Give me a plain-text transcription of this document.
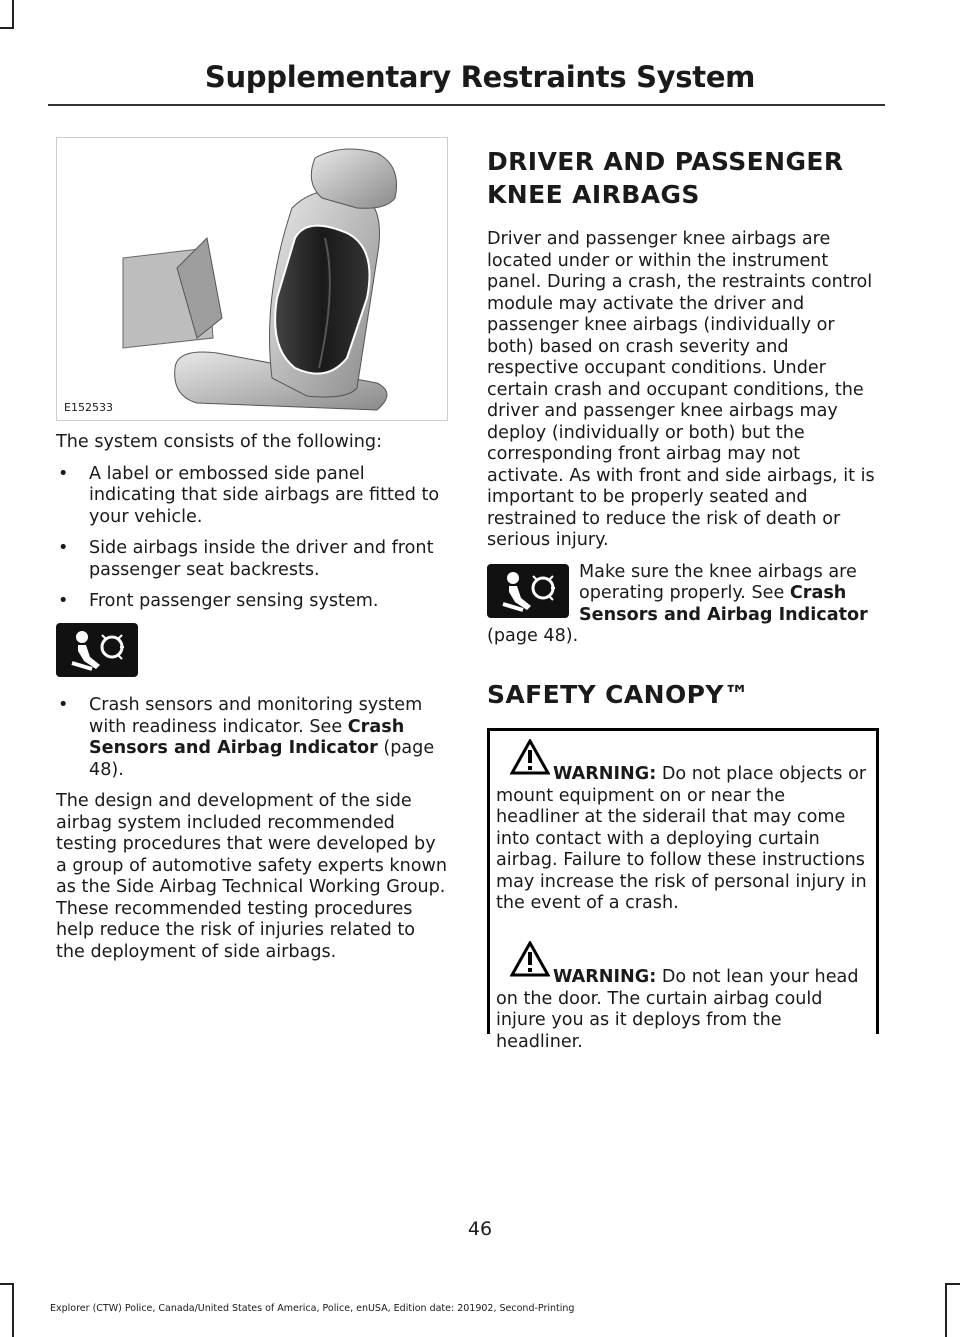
Supplementary Restraints System
E152533

The system consists of the following:

• A label or embossed side panel indicating that side airbags are fitted to your vehicle.
• Side airbags inside the driver and front passenger seat backrests.
• Front passenger sensing system.
• Crash sensors and monitoring system with readiness indicator. See Crash Sensors and Airbag Indicator (page 48).

The design and development of the side airbag system included recommended testing procedures that were developed by a group of automotive safety experts known as the Side Airbag Technical Working Group. These recommended testing procedures help reduce the risk of injuries related to the deployment of side airbags.

DRIVER AND PASSENGER
KNEE AIRBAGS

Driver and passenger knee airbags are located under or within the instrument panel. During a crash, the restraints control module may activate the driver and passenger knee airbags (individually or both) based on crash severity and respective occupant conditions. Under certain crash and occupant conditions, the driver and passenger knee airbags may deploy (individually or both) but the corresponding front airbag may not activate. As with front and side airbags, it is important to be properly seated and restrained to reduce the risk of death or serious injury.

Make sure the knee airbags are operating properly. See Crash Sensors and Airbag Indicator

(page 48).

SAFETY CANOPY™
WARNING: Do not place objects or mount equipment on or near the headliner at the siderail that may come into contact with a deploying curtain airbag. Failure to follow these instructions may increase the risk of personal injury in the event of a crash.
WARNING: Do not lean your head on the door. The curtain airbag could injure you as it deploys from the headliner.
46
Explorer (CTW) Police, Canada/United States of America, Police, enUSA, Edition date: 201902, Second-Printing
